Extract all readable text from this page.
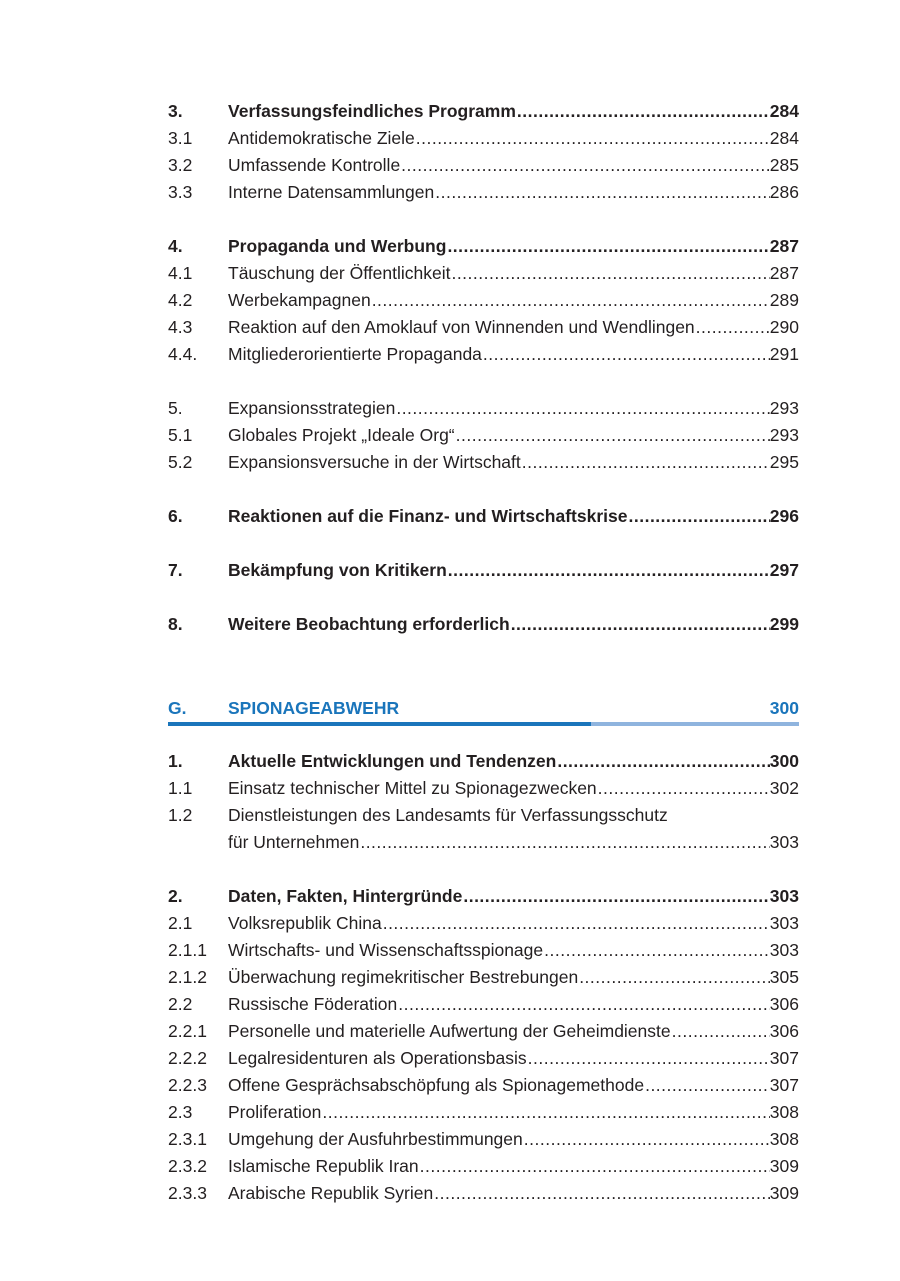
3.	Verfassungsfeindliches Programm .....	284
3.1	Antidemokratische Ziele .....	284
3.2	Umfassende Kontrolle .....	285
3.3	Interne Datensammlungen .....	286
4.	Propaganda und Werbung .....	287
4.1	Täuschung der Öffentlichkeit .....	287
4.2	Werbekampagnen .....	289
4.3	Reaktion auf den Amoklauf von Winnenden und Wendlingen .....	290
4.4.	Mitgliederorientierte Propaganda .....	291
5.	Expansionsstrategien .....	293
5.1	Globales Projekt „Ideale Org“ .....	293
5.2	Expansionsversuche in der Wirtschaft .....	295
6.	Reaktionen auf die Finanz- und Wirtschaftskrise .....	296
7.	Bekämpfung von Kritikern .....	297
8.	Weitere Beobachtung erforderlich .....	299
G.	SPIONAGEABWEHR	300
1.	Aktuelle Entwicklungen und Tendenzen .....	300
1.1	Einsatz technischer Mittel zu Spionagezwecken .....	302
1.2	Dienstleistungen des Landesamts für Verfassungsschutz
für Unternehmen .....	303
2.	Daten, Fakten, Hintergründe .....	303
2.1	Volksrepublik China .....	303
2.1.1	Wirtschafts- und Wissenschaftsspionage .....	303
2.1.2	Überwachung regimekritischer Bestrebungen .....	305
2.2	Russische Föderation .....	306
2.2.1	Personelle und materielle Aufwertung der Geheimdienste .....	306
2.2.2	Legalresidenturen als Operationsbasis .....	307
2.2.3	Offene Gesprächsabschöpfung als Spionagemethode .....	307
2.3	Proliferation .....	308
2.3.1	Umgehung der Ausfuhrbestimmungen .....	308
2.3.2	Islamische Republik Iran .....	309
2.3.3	Arabische Republik Syrien .....	309
